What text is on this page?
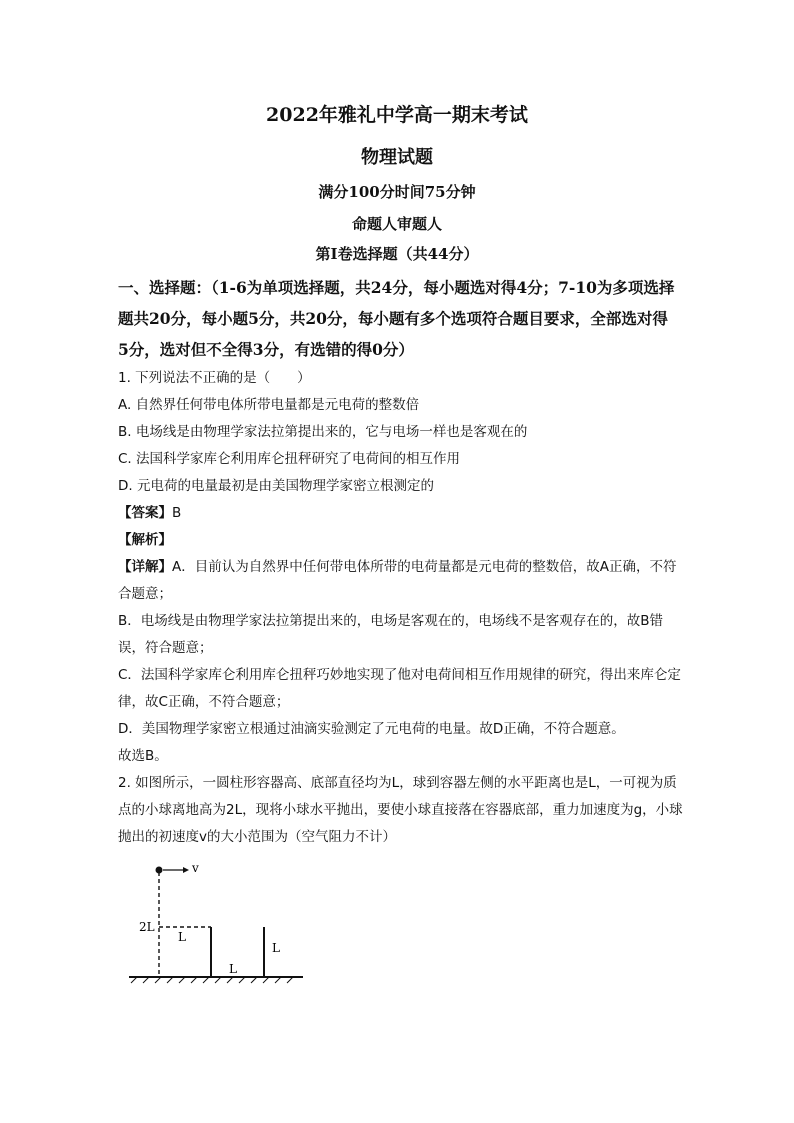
2022年雅礼中学高一期末考试
物理试题
满分100分时间75分钟
命题人审题人
第Ⅰ卷选择题（共44分）
一、选择题：（1-6为单项选择题，共24分，每小题选对得4分；7-10为多项选择题共20分，每小题5分，共20分，每小题有多个选项符合题目要求，全部选对得5分，选对但不全得3分，有选错的得0分）
1. 下列说法不正确的是（　　）
A. 自然界任何带电体所带电量都是元电荷的整数倍
B. 电场线是由物理学家法拉第提出来的，它与电场一样也是客观在的
C. 法国科学家库仑利用库仑扭秤研究了电荷间的相互作用
D. 元电荷的电量最初是由美国物理学家密立根测定的
【答案】B
【解析】
【详解】A．目前认为自然界中任何带电体所带的电荷量都是元电荷的整数倍，故A正确，不符合题意；
B．电场线是由物理学家法拉第提出来的，电场是客观在的，电场线不是客观存在的，故B错误，符合题意；
C．法国科学家库仑利用库仑扭秤巧妙地实现了他对电荷间相互作用规律的研究，得出来库仑定律，故C正确，不符合题意；
D．美国物理学家密立根通过油滴实验测定了元电荷的电量。故D正确，不符合题意。
故选B。
2. 如图所示，一圆柱形容器高、底部直径均为L，球到容器左侧的水平距离也是L，一可视为质点的小球离地高为2L，现将小球水平抛出，要使小球直接落在容器底部，重力加速度为g，小球抛出的初速度v的大小范围为（空气阻力不计）
v
2L
L
L
L
